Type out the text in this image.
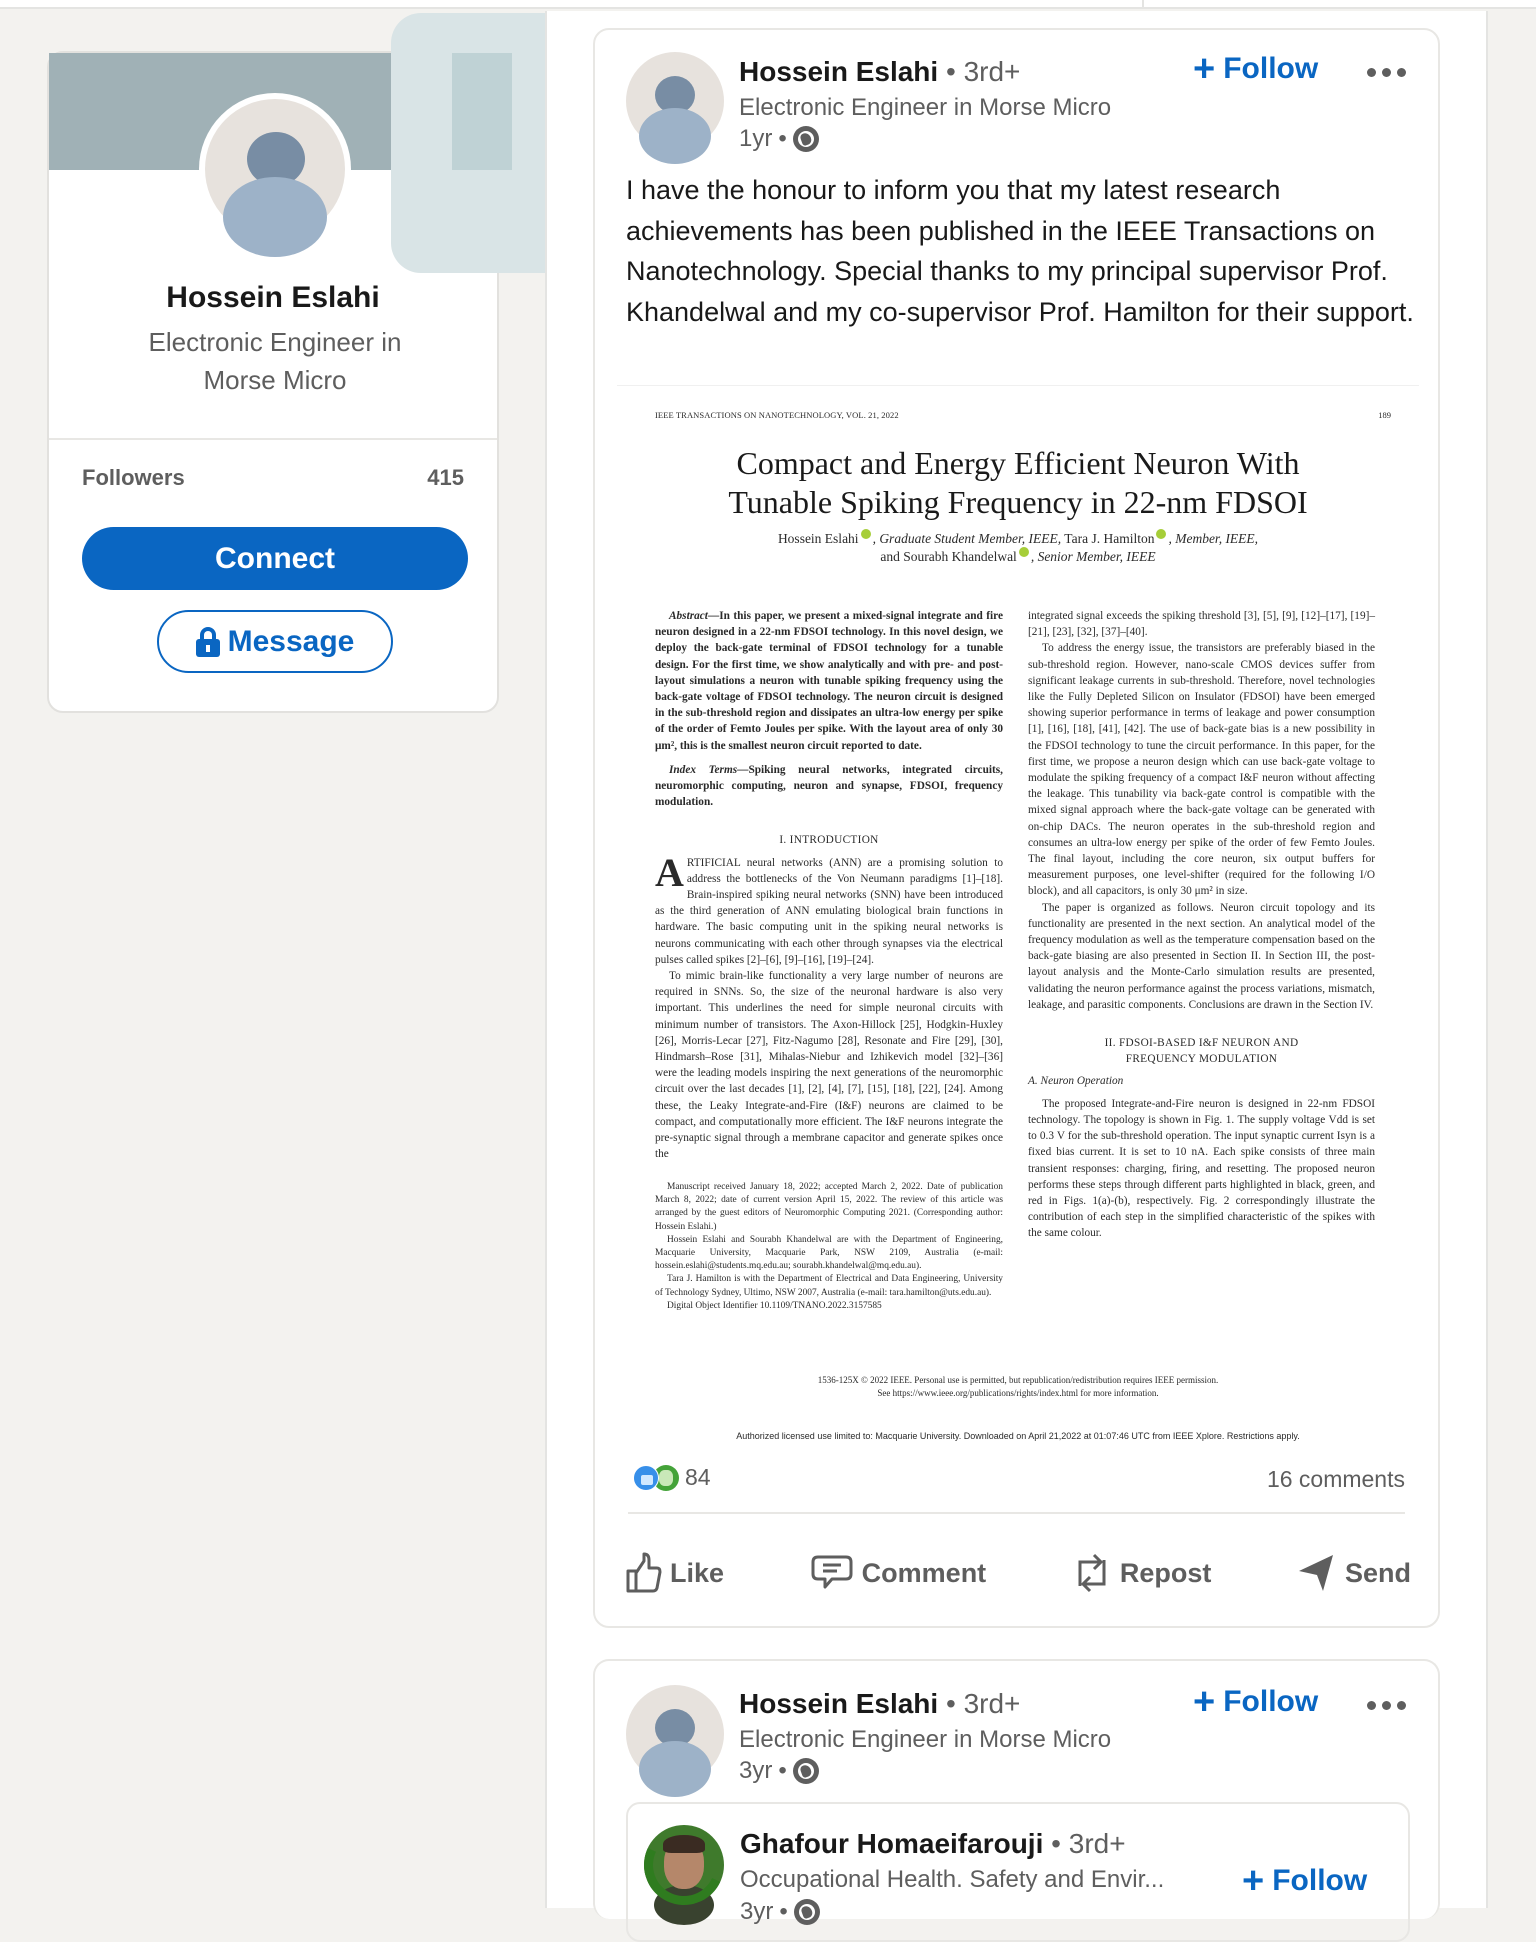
Hossein Eslahi
Electronic Engineer in Morse Micro
Followers	415
Connect
Message
Hossein Eslahi • 3rd+
Electronic Engineer in Morse Micro
1yr •
+ Follow
I have the honour to inform you that my latest research achievements has been published in the IEEE Transactions on Nanotechnology. Special thanks to my principal supervisor Prof. Khandelwal and my co-supervisor Prof. Hamilton for their support.
IEEE TRANSACTIONS ON NANOTECHNOLOGY, VOL. 21, 2022	189
Compact and Energy Efficient Neuron With Tunable Spiking Frequency in 22-nm FDSOI
Hossein Eslahi , Graduate Student Member, IEEE, Tara J. Hamilton , Member, IEEE,
and Sourabh Khandelwal , Senior Member, IEEE

Abstract—In this paper, we present a mixed-signal integrate and fire neuron designed in a 22-nm FDSOI technology. In this novel design, we deploy the back-gate terminal of FDSOI technology for a tunable design. For the first time, we show analytically and with pre- and post-layout simulations a neuron with tunable spiking frequency using the back-gate voltage of FDSOI technology. The neuron circuit is designed in the sub-threshold region and dissipates an ultra-low energy per spike of the order of Femto Joules per spike. With the layout area of only 30 μm², this is the smallest neuron circuit reported to date.

Index Terms—Spiking neural networks, integrated circuits, neuromorphic computing, neuron and synapse, FDSOI, frequency modulation.

I. INTRODUCTION

ARTIFICIAL neural networks (ANN) are a promising solution to address the bottlenecks of the Von Neumann paradigms [1]–[18]. Brain-inspired spiking neural networks (SNN) have been introduced as the third generation of ANN emulating biological brain functions in hardware. The basic computing unit in the spiking neural networks is neurons communicating with each other through synapses via the electrical pulses called spikes [2]–[6], [9]–[16], [19]–[24].

To mimic brain-like functionality a very large number of neurons are required in SNNs. So, the size of the neuronal hardware is also very important. This underlines the need for simple neuronal circuits with minimum number of transistors. The Axon-Hillock [25], Hodgkin-Huxley [26], Morris-Lecar [27], Fitz-Nagumo [28], Resonate and Fire [29], [30], Hindmarsh–Rose [31], Mihalas-Niebur and Izhikevich model [32]–[36] were the leading models inspiring the next generations of the neuromorphic circuit over the last decades [1], [2], [4], [7], [15], [18], [22], [24]. Among these, the Leaky Integrate-and-Fire (I&F) neurons are claimed to be compact, and computationally more efficient. The I&F neurons integrate the pre-synaptic signal through a membrane capacitor and generate spikes once the

Manuscript received January 18, 2022; accepted March 2, 2022. Date of publication March 8, 2022; date of current version April 15, 2022. The review of this article was arranged by the guest editors of Neuromorphic Computing 2021. (Corresponding author: Hossein Eslahi.)

Hossein Eslahi and Sourabh Khandelwal are with the Department of Engineering, Macquarie University, Macquarie Park, NSW 2109, Australia (e-mail: hossein.eslahi@students.mq.edu.au; sourabh.khandelwal@mq.edu.au).

Tara J. Hamilton is with the Department of Electrical and Data Engineering, University of Technology Sydney, Ultimo, NSW 2007, Australia (e-mail: tara.hamilton@uts.edu.au).

Digital Object Identifier 10.1109/TNANO.2022.3157585

integrated signal exceeds the spiking threshold [3], [5], [9], [12]–[17], [19]–[21], [23], [32], [37]–[40].

To address the energy issue, the transistors are preferably biased in the sub-threshold region. However, nano-scale CMOS devices suffer from significant leakage currents in sub-threshold. Therefore, novel technologies like the Fully Depleted Silicon on Insulator (FDSOI) have been emerged showing superior performance in terms of leakage and power consumption [1], [16], [18], [41], [42]. The use of back-gate bias is a new possibility in the FDSOI technology to tune the circuit performance. In this paper, for the first time, we propose a neuron design which can use back-gate voltage to modulate the spiking frequency of a compact I&F neuron without affecting the leakage. This tunability via back-gate control is compatible with the mixed signal approach where the back-gate voltage can be generated with on-chip DACs. The neuron operates in the sub-threshold region and consumes an ultra-low energy per spike of the order of few Femto Joules. The final layout, including the core neuron, six output buffers for measurement purposes, one level-shifter (required for the following I/O block), and all capacitors, is only 30 μm² in size.

The paper is organized as follows. Neuron circuit topology and its functionality are presented in the next section. An analytical model of the frequency modulation as well as the temperature compensation based on the back-gate biasing are also presented in Section II. In Section III, the post-layout analysis and the Monte-Carlo simulation results are presented, validating the neuron performance against the process variations, mismatch, leakage, and parasitic components. Conclusions are drawn in the Section IV.

II. FDSOI-BASED I&F NEURON AND FREQUENCY MODULATION

A. Neuron Operation

The proposed Integrate-and-Fire neuron is designed in 22-nm FDSOI technology. The topology is shown in Fig. 1. The supply voltage Vdd is set to 0.3 V for the sub-threshold operation. The input synaptic current Isyn is a fixed bias current. It is set to 10 nA. Each spike consists of three main transient responses: charging, firing, and resetting. The proposed neuron performs these steps through different parts highlighted in black, green, and red in Figs. 1(a)-(b), respectively. Fig. 2 correspondingly illustrate the contribution of each step in the simplified characteristic of the spikes with the same colour.

1536-125X © 2022 IEEE. Personal use is permitted, but republication/redistribution requires IEEE permission.
See https://www.ieee.org/publications/rights/index.html for more information.
Authorized licensed use limited to: Macquarie University. Downloaded on April 21,2022 at 01:07:46 UTC from IEEE Xplore. Restrictions apply.
84	16 comments
Like	Comment	Repost	Send
Hossein Eslahi • 3rd+
Electronic Engineer in Morse Micro
3yr •
+ Follow
Ghafour Homaeifarouji • 3rd+
Occupational Health. Safety and Envir...
3yr •
+ Follow
